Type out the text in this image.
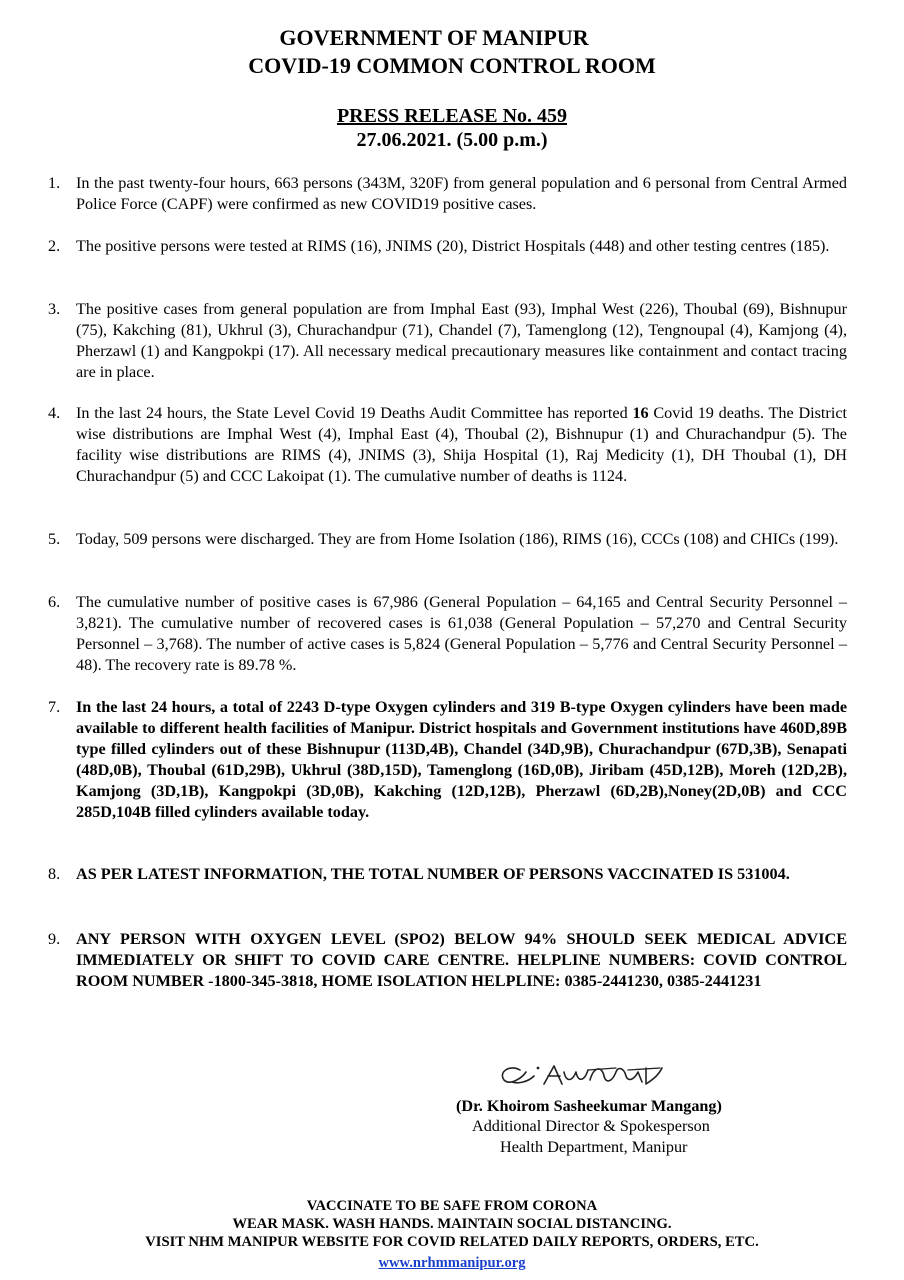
GOVERNMENT OF MANIPUR
COVID-19 COMMON CONTROL ROOM
PRESS RELEASE No. 459
27.06.2021. (5.00 p.m.)
1. In the past twenty-four hours, 663 persons (343M, 320F) from general population and 6 personal from Central Armed Police Force (CAPF) were confirmed as new COVID19 positive cases.
2. The positive persons were tested at RIMS (16), JNIMS (20), District Hospitals (448) and other testing centres (185).
3. The positive cases from general population are from Imphal East (93), Imphal West (226), Thoubal (69), Bishnupur (75), Kakching (81), Ukhrul (3), Churachandpur (71), Chandel (7), Tamenglong (12), Tengnoupal (4), Kamjong (4), Pherzawl (1) and Kangpokpi (17). All necessary medical precautionary measures like containment and contact tracing are in place.
4. In the last 24 hours, the State Level Covid 19 Deaths Audit Committee has reported 16 Covid 19 deaths. The District wise distributions are Imphal West (4), Imphal East (4), Thoubal (2), Bishnupur (1) and Churachandpur (5). The facility wise distributions are RIMS (4), JNIMS (3), Shija Hospital (1), Raj Medicity (1), DH Thoubal (1), DH Churachandpur (5) and CCC Lakoipat (1). The cumulative number of deaths is 1124.
5. Today, 509 persons were discharged. They are from Home Isolation (186), RIMS (16), CCCs (108) and CHICs (199).
6. The cumulative number of positive cases is 67,986 (General Population – 64,165 and Central Security Personnel – 3,821). The cumulative number of recovered cases is 61,038 (General Population – 57,270 and Central Security Personnel – 3,768). The number of active cases is 5,824 (General Population – 5,776 and Central Security Personnel – 48). The recovery rate is 89.78 %.
7. In the last 24 hours, a total of 2243 D-type Oxygen cylinders and 319 B-type Oxygen cylinders have been made available to different health facilities of Manipur. District hospitals and Government institutions have 460D,89B type filled cylinders out of these Bishnupur (113D,4B), Chandel (34D,9B), Churachandpur (67D,3B), Senapati (48D,0B), Thoubal (61D,29B), Ukhrul (38D,15D), Tamenglong (16D,0B), Jiribam (45D,12B), Moreh (12D,2B), Kamjong (3D,1B), Kangpokpi (3D,0B), Kakching (12D,12B), Pherzawl (6D,2B),Noney(2D,0B) and CCC 285D,104B filled cylinders available today.
8. AS PER LATEST INFORMATION, THE TOTAL NUMBER OF PERSONS VACCINATED IS 531004.
9. ANY PERSON WITH OXYGEN LEVEL (SPO2) BELOW 94% SHOULD SEEK MEDICAL ADVICE IMMEDIATELY OR SHIFT TO COVID CARE CENTRE. HELPLINE NUMBERS: COVID CONTROL ROOM NUMBER -1800-345-3818, HOME ISOLATION HELPLINE: 0385-2441230, 0385-2441231
(Dr. Khoirom Sasheekumar Mangang)
Additional Director & Spokesperson
Health Department, Manipur
VACCINATE TO BE SAFE FROM CORONA
WEAR MASK. WASH HANDS. MAINTAIN SOCIAL DISTANCING.
VISIT NHM MANIPUR WEBSITE FOR COVID RELATED DAILY REPORTS, ORDERS, ETC.
www.nrhmmanipur.org
